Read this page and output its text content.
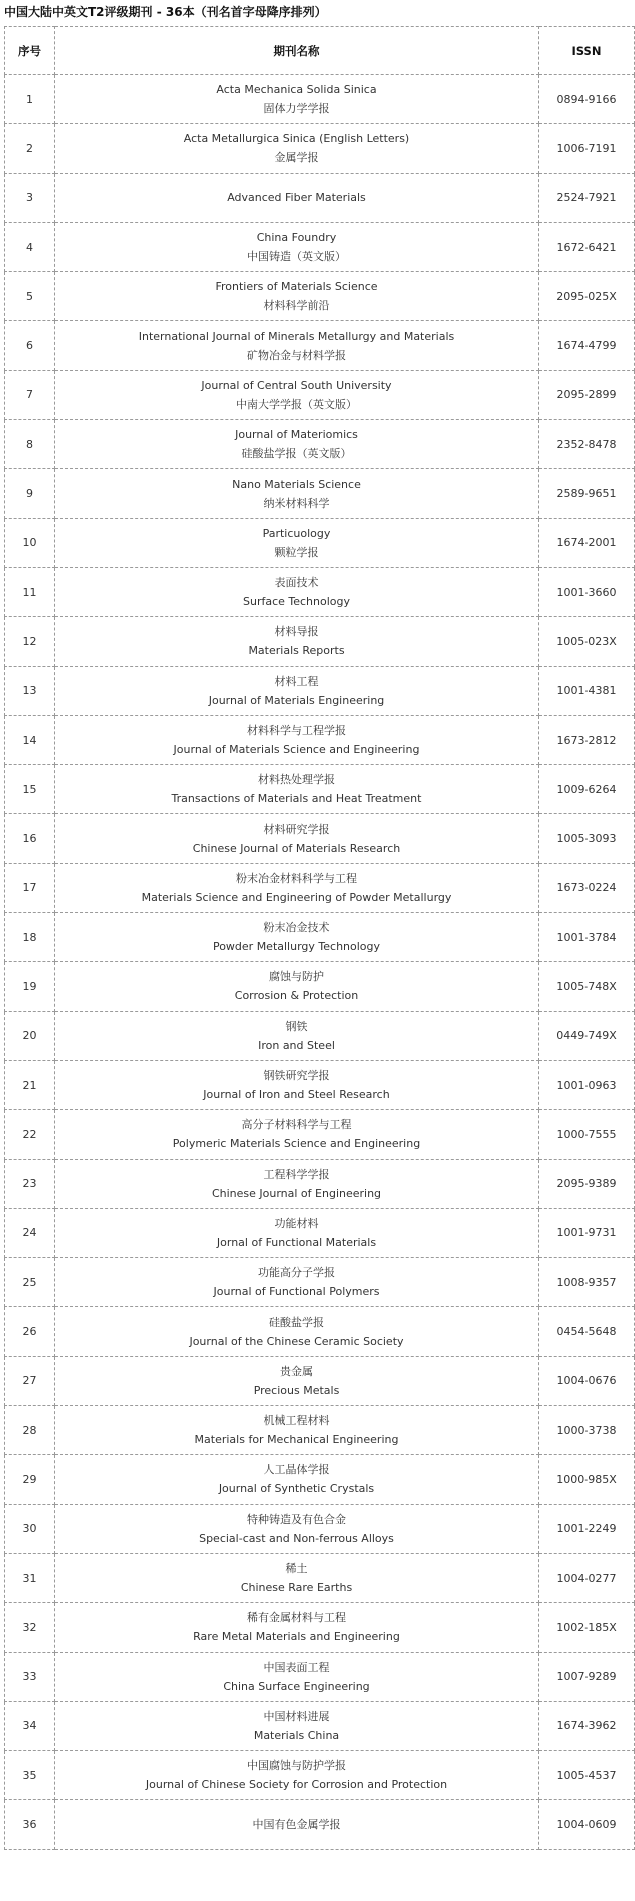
中国大陆中英文T2评级期刊 - 36本（刊名首字母降序排列）
序号	期刊名称	ISSN
1	Acta Mechanica Solida Sinica
固体力学学报	0894-9166
2	Acta Metallurgica Sinica (English Letters)
金属学报	1006-7191
3	Advanced Fiber Materials	2524-7921
4	China Foundry
中国铸造（英文版）	1672-6421
5	Frontiers of Materials Science
材料科学前沿	2095-025X
6	International Journal of Minerals Metallurgy and Materials
矿物冶金与材料学报	1674-4799
7	Journal of Central South University
中南大学学报（英文版）	2095-2899
8	Journal of Materiomics
硅酸盐学报（英文版）	2352-8478
9	Nano Materials Science
纳米材料科学	2589-9651
10	Particuology
颗粒学报	1674-2001
11	表面技术
Surface Technology	1001-3660
12	材料导报
Materials Reports	1005-023X
13	材料工程
Journal of Materials Engineering	1001-4381
14	材料科学与工程学报
Journal of Materials Science and Engineering	1673-2812
15	材料热处理学报
Transactions of Materials and Heat Treatment	1009-6264
16	材料研究学报
Chinese Journal of Materials Research	1005-3093
17	粉末冶金材料科学与工程
Materials Science and Engineering of Powder Metallurgy	1673-0224
18	粉末冶金技术
Powder Metallurgy Technology	1001-3784
19	腐蚀与防护
Corrosion & Protection	1005-748X
20	钢铁
Iron and Steel	0449-749X
21	钢铁研究学报
Journal of Iron and Steel Research	1001-0963
22	高分子材料科学与工程
Polymeric Materials Science and Engineering	1000-7555
23	工程科学学报
Chinese Journal of Engineering	2095-9389
24	功能材料
Jornal of Functional Materials	1001-9731
25	功能高分子学报
Journal of Functional Polymers	1008-9357
26	硅酸盐学报
Journal of the Chinese Ceramic Society	0454-5648
27	贵金属
Precious Metals	1004-0676
28	机械工程材料
Materials for Mechanical Engineering	1000-3738
29	人工晶体学报
Journal of Synthetic Crystals	1000-985X
30	特种铸造及有色合金
Special-cast and Non-ferrous Alloys	1001-2249
31	稀土
Chinese Rare Earths	1004-0277
32	稀有金属材料与工程
Rare Metal Materials and Engineering	1002-185X
33	中国表面工程
China Surface Engineering	1007-9289
34	中国材料进展
Materials China	1674-3962
35	中国腐蚀与防护学报
Journal of Chinese Society for Corrosion and Protection	1005-4537
36	中国有色金属学报	1004-0609
